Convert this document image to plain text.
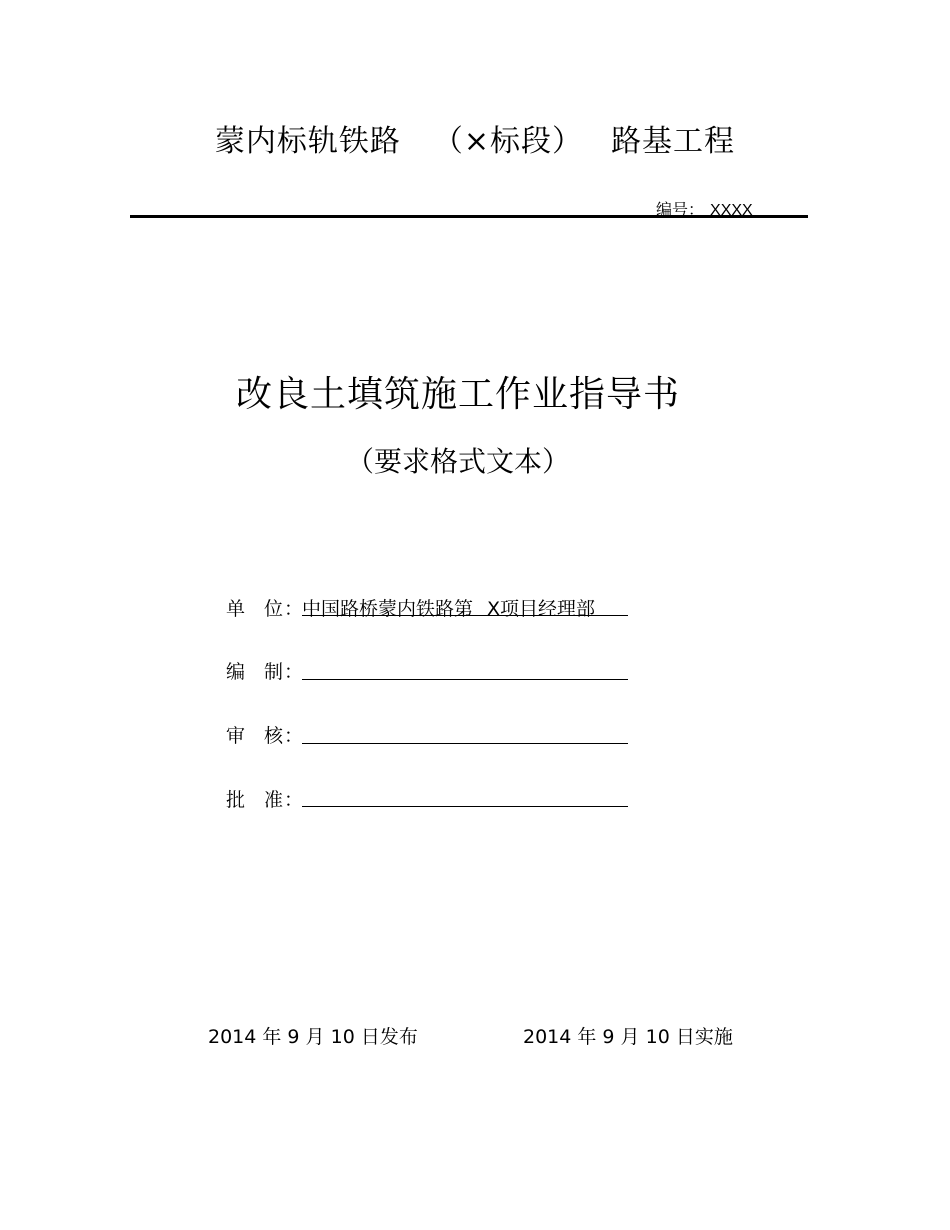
蒙内标轨铁路 （×标段） 路基工程
编号： XXXX
改良土填筑施工作业指导书
（要求格式文本）
单 位：
中国路桥蒙内铁路第 X项目经理部
编 制：
审 核：
批 准：
2014 年 9 月 10 日发布	2014 年 9 月 10 日实施
